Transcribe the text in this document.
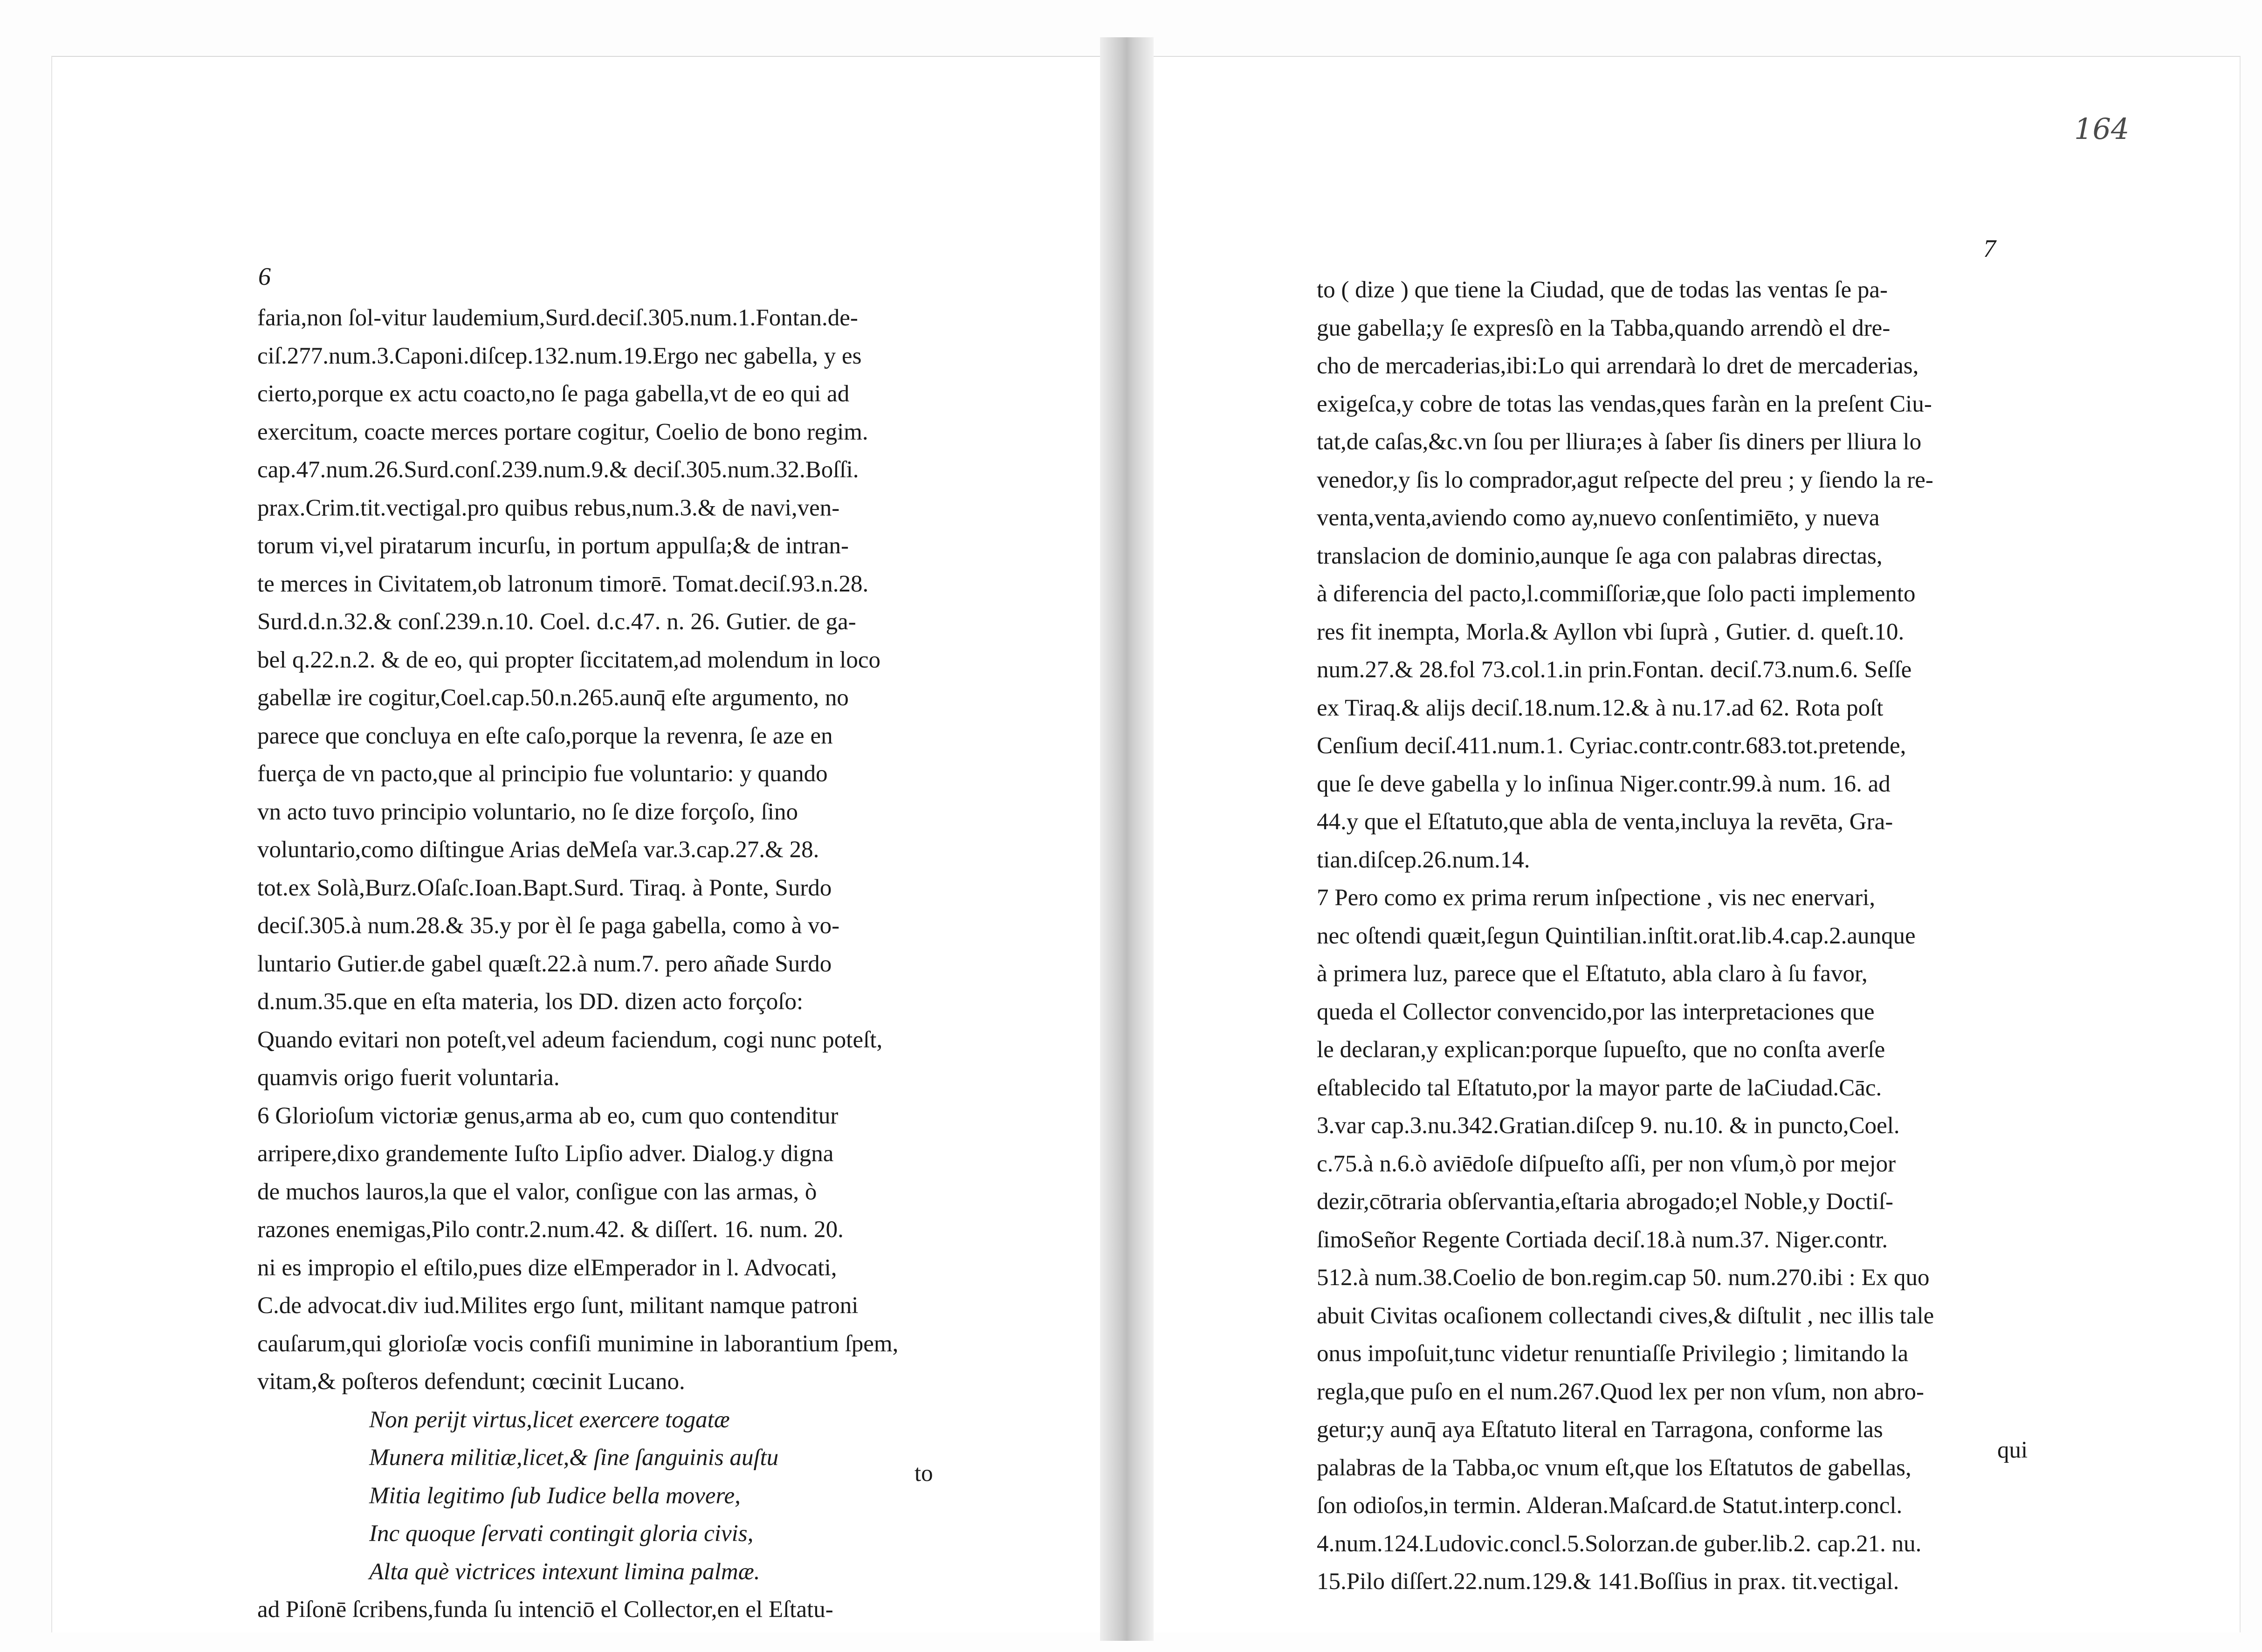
6
faria,non ſol-vitur laudemium,Surd.deciſ.305.num.1.Fontan.de-
ciſ.277.num.3.Caponi.diſcep.132.num.19.Ergo nec gabella, y es
cierto,porque ex actu coacto,no ſe paga gabella,vt de eo qui ad
exercitum, coacte merces portare cogitur, Coelio de bono regim.
cap.47.num.26.Surd.conſ.239.num.9.& deciſ.305.num.32.Boſſi.
prax.Crim.tit.vectigal.pro quibus rebus,num.3.& de navi,ven-
torum vi,vel piratarum incurſu, in portum appulſa;& de intran-
te merces in Civitatem,ob latronum timorē. Tomat.deciſ.93.n.28.
Surd.d.n.32.& conſ.239.n.10. Coel. d.c.47. n. 26. Gutier. de ga-
bel q.22.n.2. & de eo, qui propter ſiccitatem,ad molendum in loco
gabellæ ire cogitur,Coel.cap.50.n.265.aunq̄ eſte argumento, no
parece que concluya en eſte caſo,porque la revenra, ſe aze en
fuerça de vn pacto,que al principio fue voluntario: y quando
vn acto tuvo principio voluntario, no ſe dize forçoſo, ſino
voluntario,como diſtingue Arias deMeſa var.3.cap.27.& 28.
tot.ex Solà,Burz.Oſaſc.Ioan.Bapt.Surd. Tiraq. à Ponte, Surdo
deciſ.305.à num.28.& 35.y por èl ſe paga gabella, como à vo-
luntario Gutier.de gabel quæſt.22.à num.7. pero añade Surdo
d.num.35.que en eſta materia, los DD. dizen acto forçoſo:
Quando evitari non poteſt,vel adeum faciendum, cogi nunc poteſt,
quamvis origo fuerit voluntaria.
6 Glorioſum victoriæ genus,arma ab eo, cum quo contenditur
arripere,dixo grandemente Iuſto Lipſio adver. Dialog.y digna
de muchos lauros,la que el valor, conſigue con las armas, ò
razones enemigas,Pilo contr.2.num.42. & diſſert. 16. num. 20.
ni es impropio el eſtilo,pues dize elEmperador in l. Advocati,
C.de advocat.div iud.Milites ergo ſunt, militant namque patroni
cauſarum,qui glorioſæ vocis confiſi munimine in laborantium ſpem,
vitam,& poſteros defendunt; cœcinit Lucano.
Non perijt virtus,licet exercere togatæ
Munera militiæ,licet,& ſine ſanguinis auſtu
Mitia legitimo ſub Iudice bella movere,
Inc quoque ſervati contingit gloria civis,
Alta què victrices intexunt limina palmæ.
ad Piſonē ſcribens,funda ſu intenciō el Collector,en el Eſtatu-
to
7
to ( dize ) que tiene la Ciudad, que de todas las ventas ſe pa-
gue gabella;y ſe expresſò en la Tabba,quando arrendò el dre-
cho de mercaderias,ibi:Lo qui arrendarà lo dret de mercaderias,
exigeſca,y cobre de totas las vendas,ques faràn en la preſent Ciu-
tat,de caſas,&c.vn ſou per lliura;es à ſaber ſis diners per lliura lo
venedor,y ſis lo comprador,agut reſpecte del preu ; y ſiendo la re-
venta,venta,aviendo como ay,nuevo conſentimiēto, y nueva
translacion de dominio,aunque ſe aga con palabras directas,
à diferencia del pacto,l.commiſſoriæ,que ſolo pacti implemento
res fit inempta, Morla.& Ayllon vbi ſuprà , Gutier. d. queſt.10.
num.27.& 28.fol 73.col.1.in prin.Fontan. deciſ.73.num.6. Seſſe
ex Tiraq.& alijs deciſ.18.num.12.& à nu.17.ad 62. Rota poſt
Cenſium deciſ.411.num.1. Cyriac.contr.contr.683.tot.pretende,
que ſe deve gabella y lo inſinua Niger.contr.99.à num. 16. ad
44.y que el Eſtatuto,que abla de venta,incluya la revēta, Gra-
tian.diſcep.26.num.14.
7 Pero como ex prima rerum inſpectione , vis nec enervari,
nec oſtendi quæit,ſegun Quintilian.inſtit.orat.lib.4.cap.2.aunque
à primera luz, parece que el Eſtatuto, abla claro à ſu favor,
queda el Collector convencido,por las interpretaciones que
le declaran,y explican:porque ſupueſto, que no conſta averſe
eſtablecido tal Eſtatuto,por la mayor parte de laCiudad.Cāc.
3.var cap.3.nu.342.Gratian.diſcep 9. nu.10. & in puncto,Coel.
c.75.à n.6.ò aviēdoſe diſpueſto aſſi, per non vſum,ò por mejor
dezir,cōtraria obſervantia,eſtaria abrogado;el Noble,y Doctiſ-
ſimoSeñor Regente Cortiada deciſ.18.à num.37. Niger.contr.
512.à num.38.Coelio de bon.regim.cap 50. num.270.ibi : Ex quo
abuit Civitas ocaſionem collectandi cives,& diſtulit , nec illis tale
onus impoſuit,tunc videtur renuntiaſſe Privilegio ; limitando la
regla,que puſo en el num.267.Quod lex per non vſum, non abro-
getur;y aunq̄ aya Eſtatuto literal en Tarragona, conforme las
palabras de la Tabba,oc vnum eſt,que los Eſtatutos de gabellas,
ſon odioſos,in termin. Alderan.Maſcard.de Statut.interp.concl.
4.num.124.Ludovic.concl.5.Solorzan.de guber.lib.2. cap.21. nu.
15.Pilo diſſert.22.num.129.& 141.Boſſius in prax. tit.vectigal.
qui
164
